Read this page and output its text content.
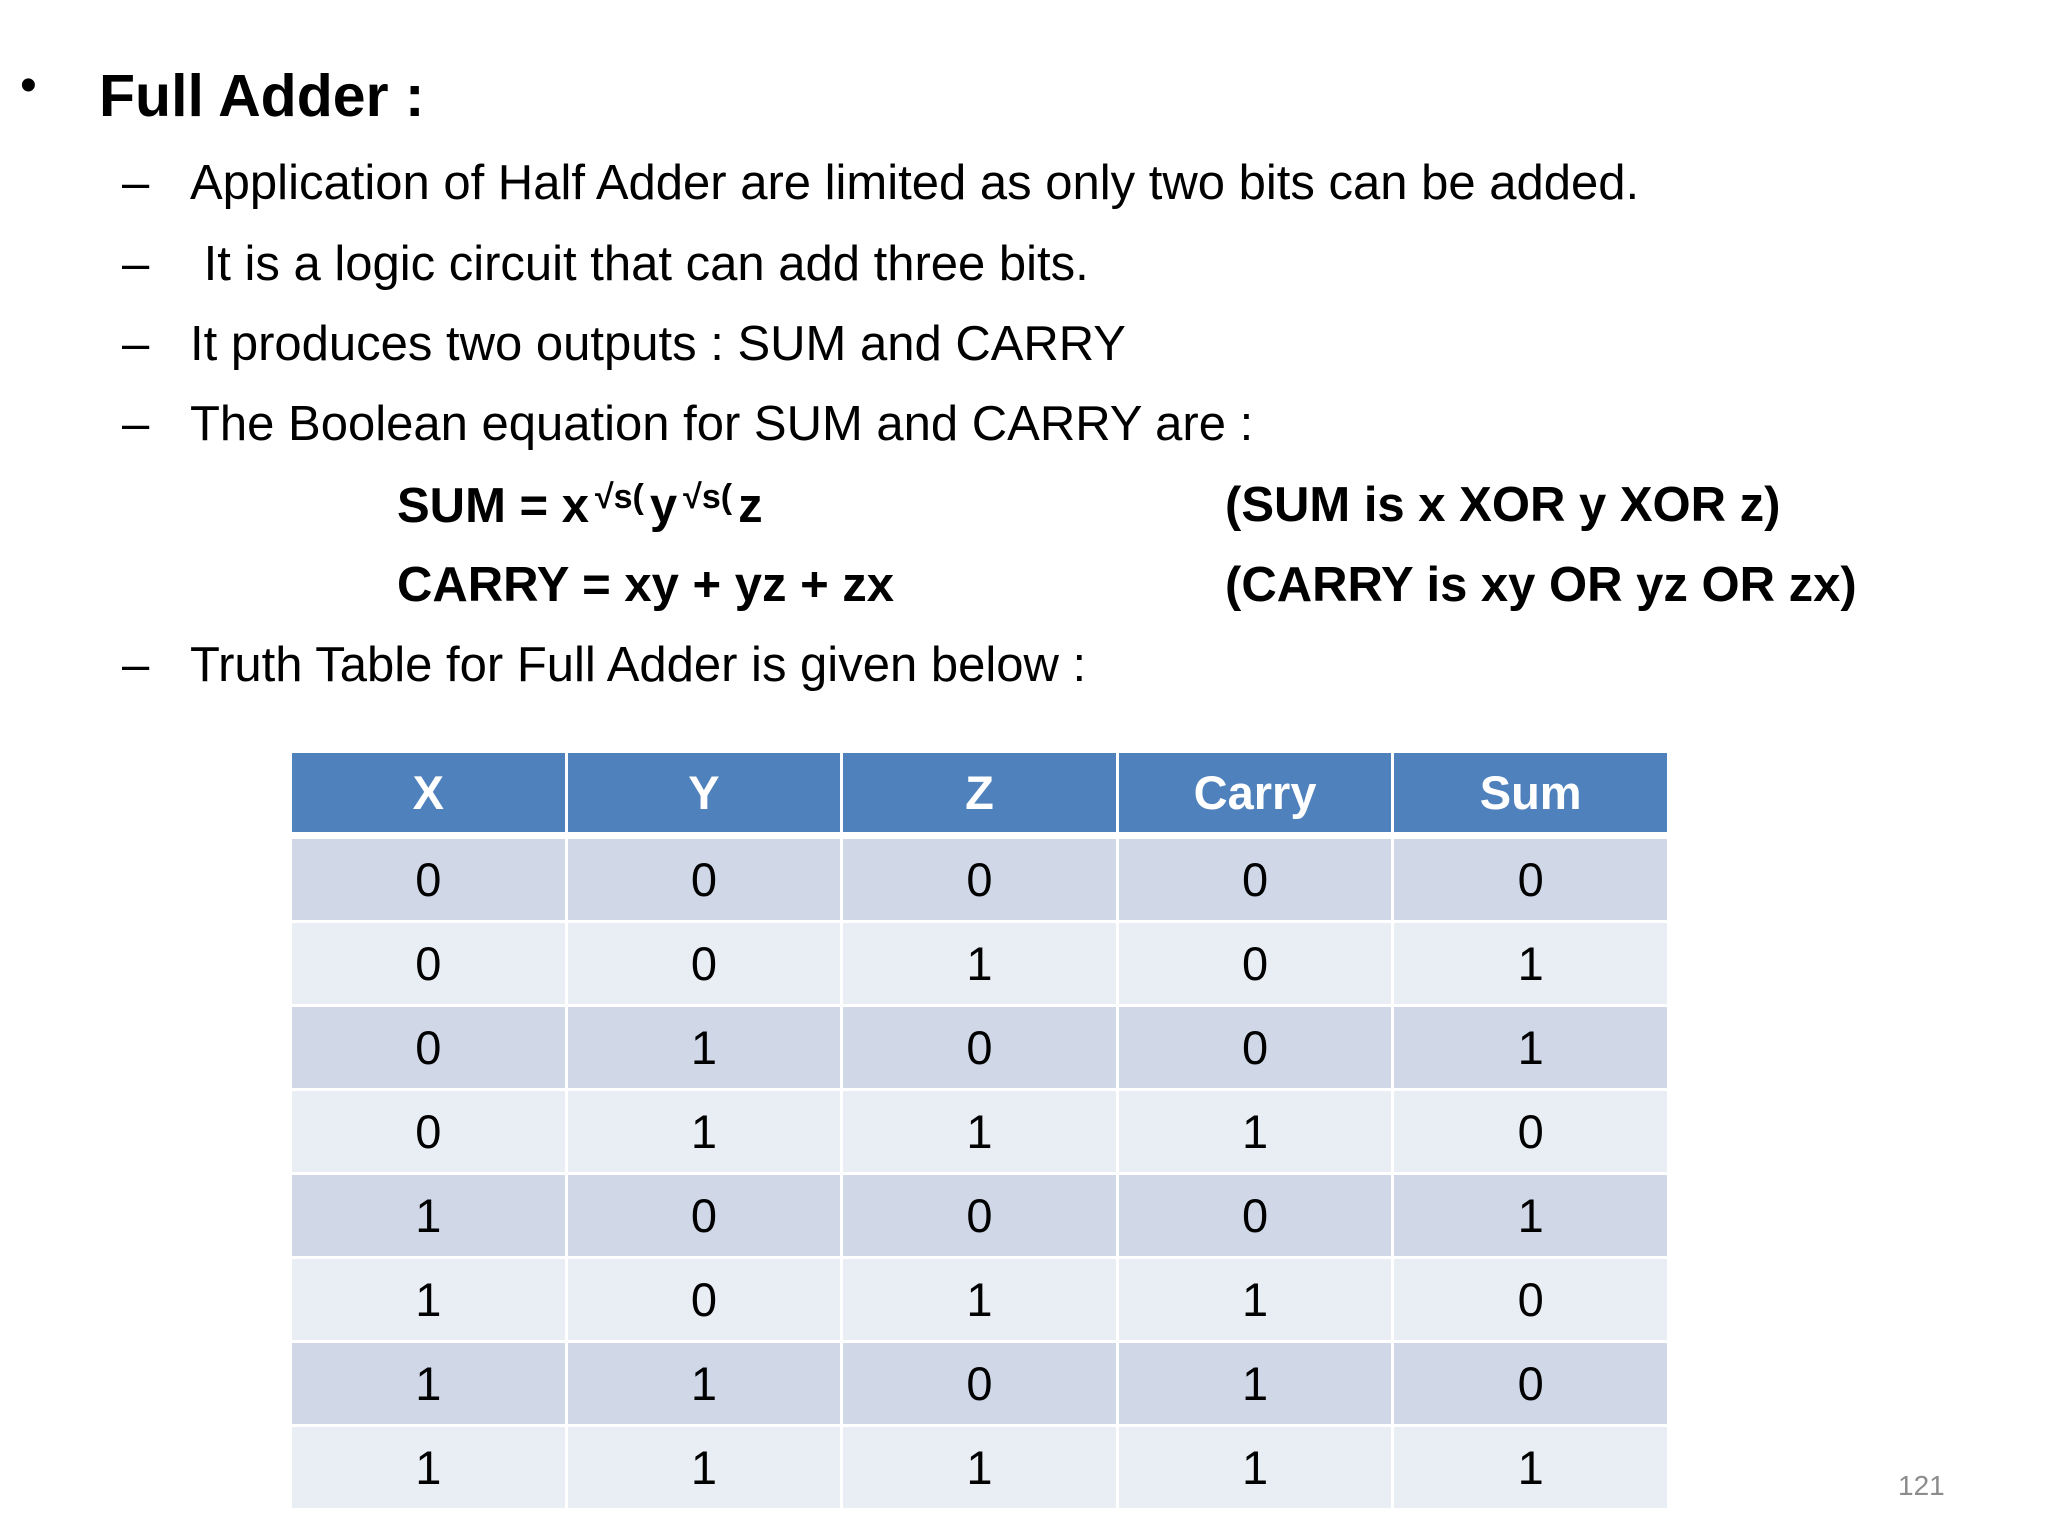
• Full Adder :
– Application of Half Adder are limited as only two bits can be added.
– It is a logic circuit that can add three bits.
– It produces two outputs : SUM and CARRY
– The Boolean equation for SUM and CARRY are :
SUM = x √s( y √s( z	(SUM is x XOR y XOR z)
CARRY = xy + yz + zx	(CARRY is xy OR yz OR zx)
– Truth Table for Full Adder is given below :
X	Y	Z	Carry	Sum
0	0	0	0	0
0	0	1	0	1
0	1	0	0	1
0	1	1	1	0
1	0	0	0	1
1	0	1	1	0
1	1	0	1	0
1	1	1	1	1	121
